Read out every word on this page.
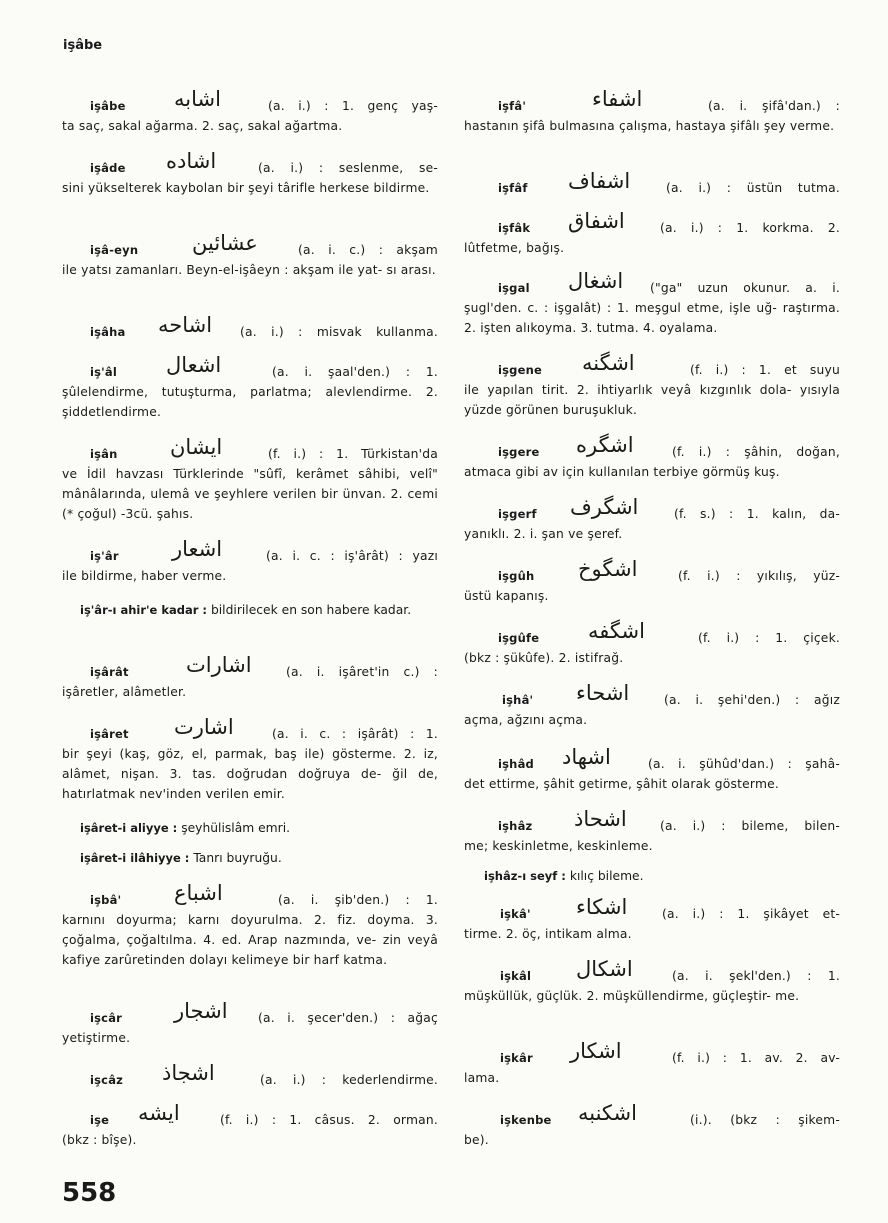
işâbe
işâbe اشابه	(a. i.) : 1. genç yaş-
ta saç, sakal ağarma. 2. saç, sakal ağartma.
işâde اشاده	(a. i.) : seslenme, se-
sini yükselterek kaybolan bir şeyi târifle herkese bildirme.
işâ-eyn	عشائين	(a. i. c.) : akşam
ile yatsı zamanları. Beyn-el-işâeyn : akşam ile yat- sı arası.
işâha اشاحه (a. i.) : misvak kullanma.
iş'âl اشعال	(a. i. şaal'den.) : 1.
şûlelendirme, tutuşturma, parlatma; alevlendirme. 2. şiddetlendirme.
işân ایشان	(f. i.) : 1. Türkistan'da
ve İdil havzası Türklerinde "sûfî, kerâmet sâhibi, velî" mânâlarında, ulemâ ve şeyhlere verilen bir ünvan. 2. cemi (* çoğul) -3cü. şahıs.
iş'âr	اشعار	(a. i. c. : iş'ârât) : yazı
ile bildirme, haber verme.
iş'âr-ı ahir'e kadar : bildirilecek en son habere kadar.
işârât	اشارات	(a. i. işâret'in c.) :
işâretler, alâmetler.
işâret اشارت	(a. i. c. : işârât) : 1.
bir şeyi (kaş, göz, el, parmak, baş ile) gösterme. 2. iz, alâmet, nişan. 3. tas. doğrudan doğruya de- ğil de, hatırlatmak nev'inden verilen emir.
işâret-i aliyye : şeyhülislâm emri.
işâret-i ilâhiyye : Tanrı buyruğu.
işbâ'	اشباع	(a. i. şib'den.) : 1.
karnını doyurma; karnı doyurulma. 2. fiz. doyma. 3. çoğalma, çoğaltılma. 4. ed. Arap nazmında, ve- zin veyâ kafiye zarûretinden dolayı kelimeye bir harf katma.
işcâr اشجار (a. i. şecer'den.) : ağaç
yetiştirme.
işcâz اشجاذ	(a. i.) : kederlendirme.
işe ایشه	(f. i.) : 1. câsus. 2. orman.
(bkz : bîşe).
işfâ'	اشفاء	(a. i. şifâ'dan.) :
hastanın şifâ bulmasına çalışma, hastaya şifâlı şey verme.
işfâf اشفاف	(a. i.) : üstün tutma.
işfâk اشفاق	(a. i.) : 1. korkma. 2.
lûtfetme, bağış.
işgal اشغال ("ga" uzun okunur. a. i.
şugl'den. c. : işgalât) : 1. meşgul etme, işle uğ- raştırma. 2. işten alıkoyma. 3. tutma. 4. oyalama.
işgene اشگنه	(f. i.) : 1. et suyu
ile yapılan tirit. 2. ihtiyarlık veyâ kızgınlık dola- yısıyla yüzde görünen buruşukluk.
işgere اشگره	(f. i.) : şâhin, doğan,
atmaca gibi av için kullanılan terbiye görmüş kuş.
işgerf اشگرف	(f. s.) : 1. kalın, da-
yanıklı. 2. i. şan ve şeref.
işgûh اشگوخ	(f. i.) : yıkılış, yüz-
üstü kapanış.
işgûfe اشگفه	(f. i.) : 1. çiçek.
(bkz : şükûfe). 2. istifrağ.
işhâ' اشحاء	(a. i. şehi'den.) : ağız
açma, ağzını açma.
işhâd اشهاد	(a. i. şühûd'dan.) : şahâ-
det ettirme, şâhit getirme, şâhit olarak gösterme.
işhâz اشحاذ	(a. i.) : bileme, bilen-
me; keskinletme, keskinleme.
işhâz-ı seyf : kılıç bileme.
işkâ' اشكاء	(a. i.) : 1. şikâyet et-
tirme. 2. öç, intikam alma.
işkâl اشكال	(a. i. şekl'den.) : 1.
müşküllük, güçlük. 2. müşküllendirme, güçleştir- me.
işkâr اشكار	(f. i.) : 1. av. 2. av-
lama.
işkenbe اشكنبه	(i.). (bkz : şikem-
be).
558
